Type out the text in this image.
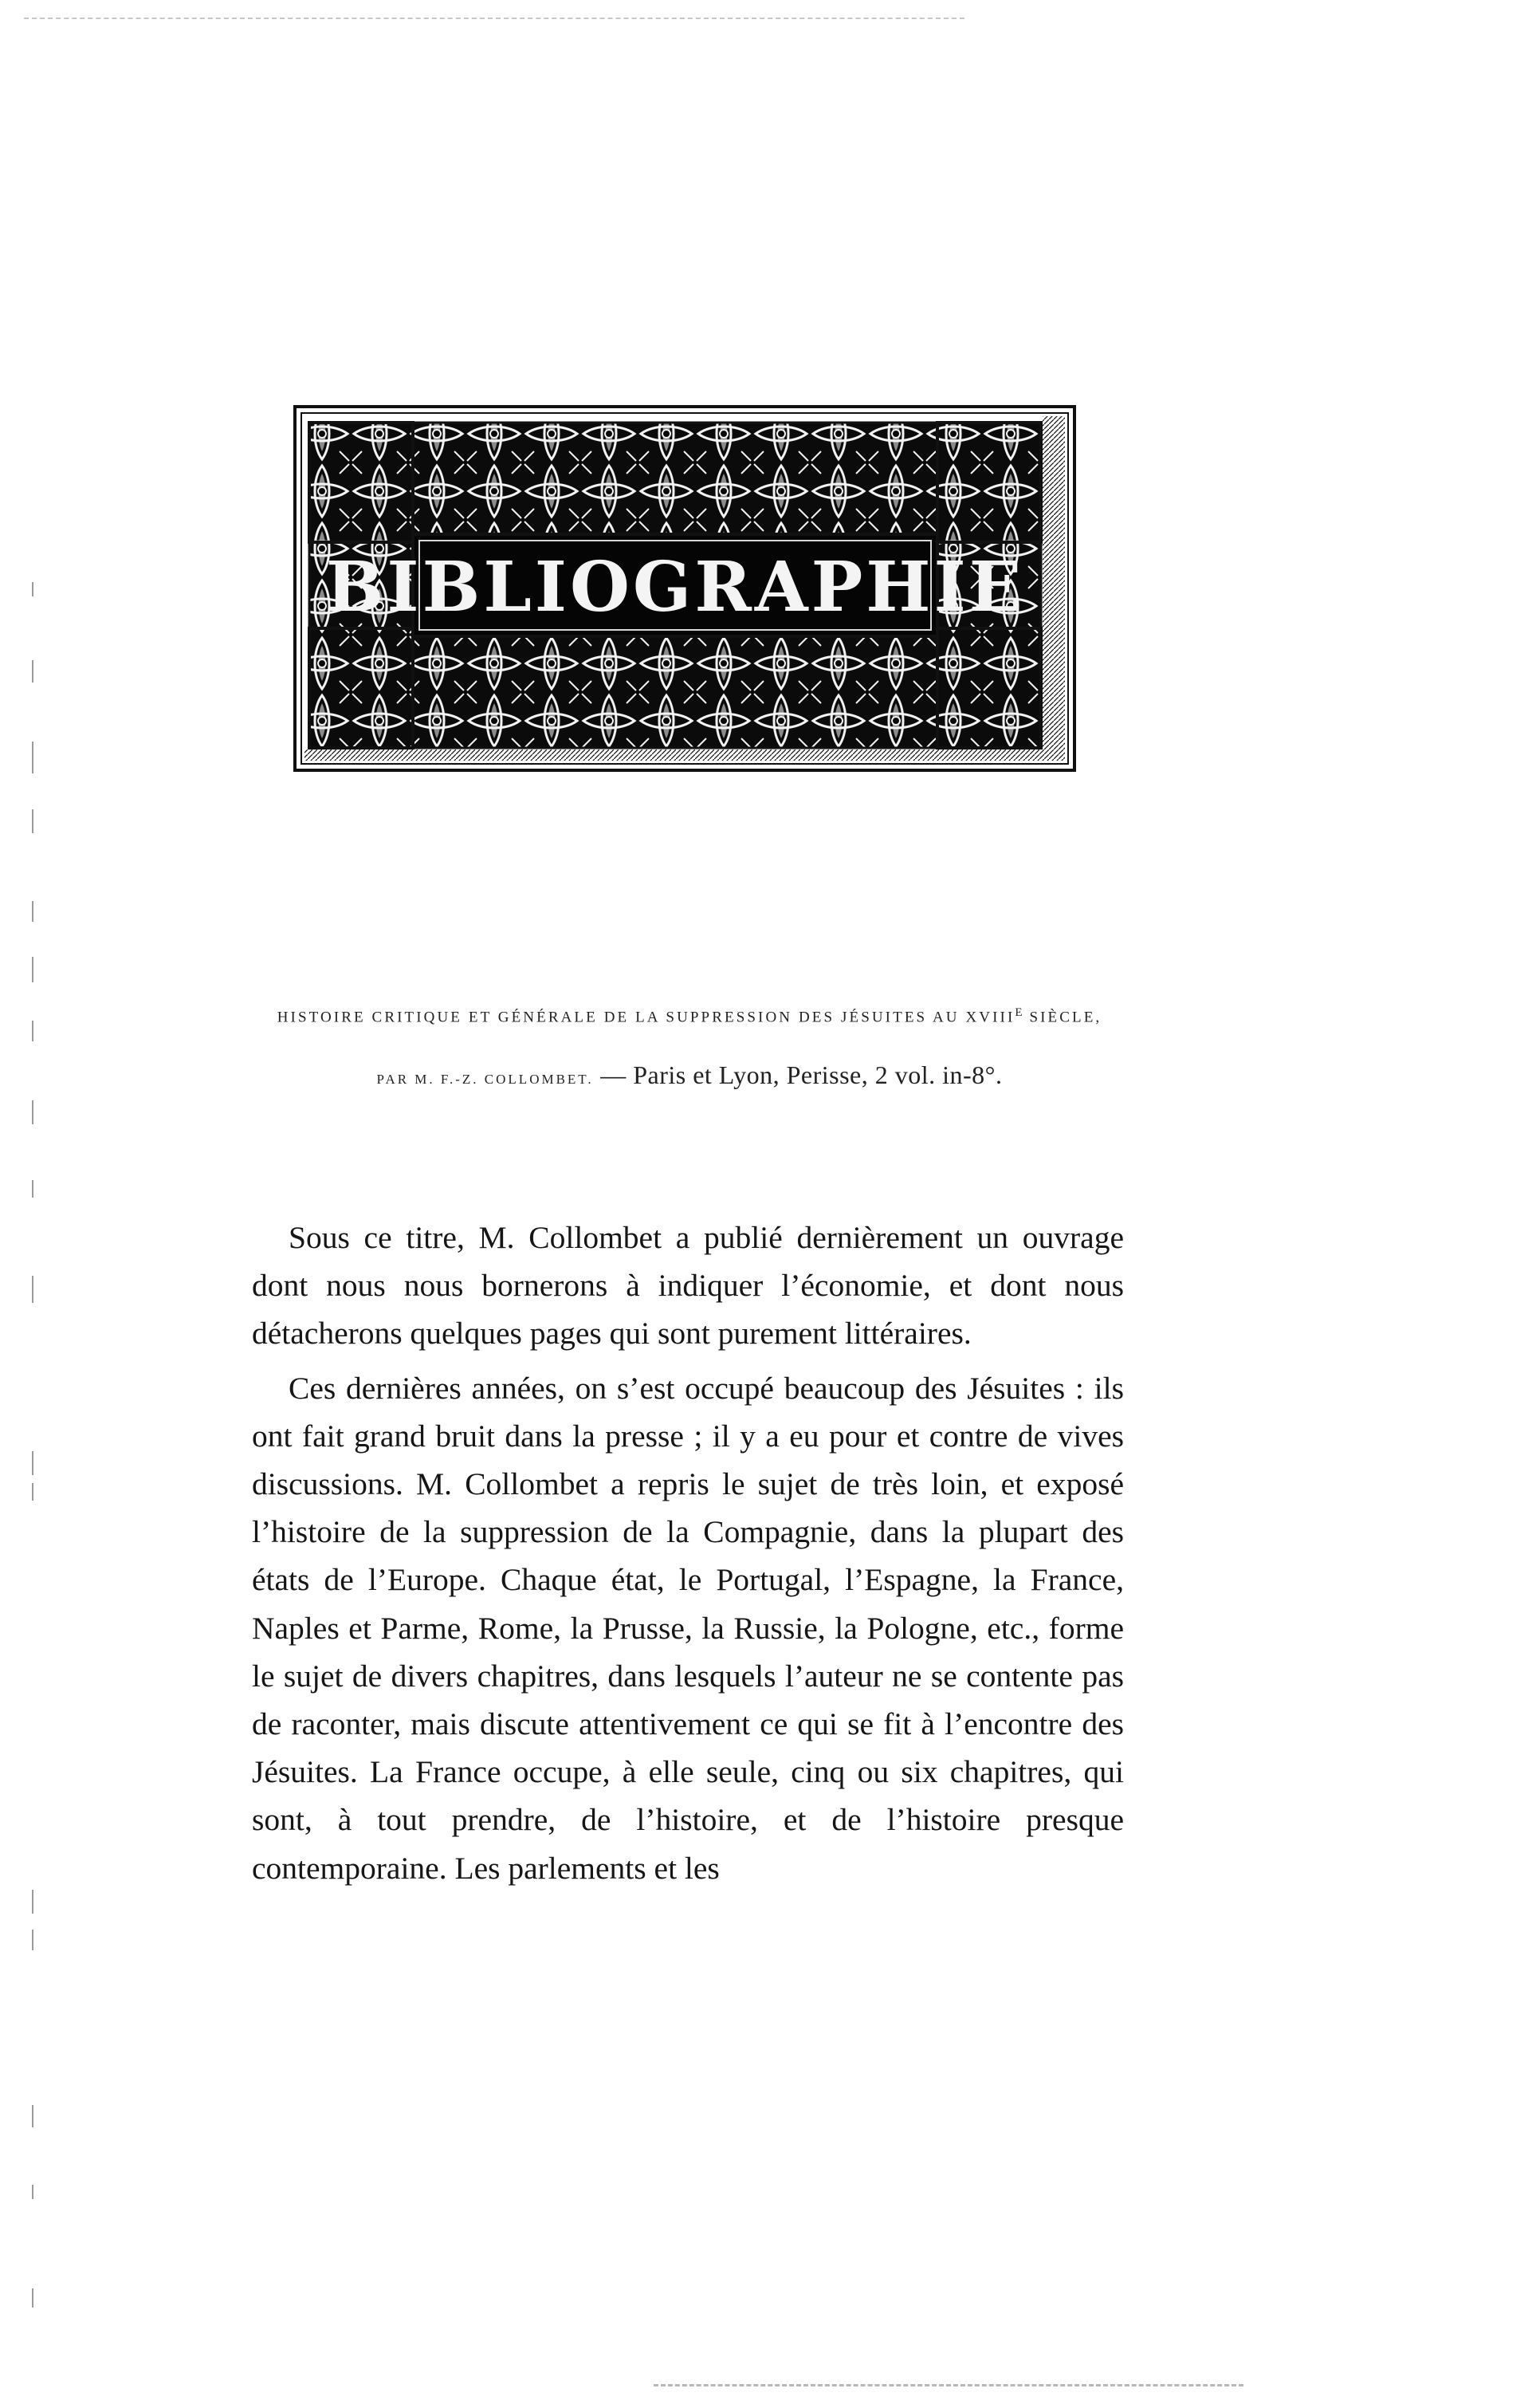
BIBLIOGRAPHIE
HISTOIRE CRITIQUE ET GÉNÉRALE DE LA SUPPRESSION DES JÉSUITES AU $XVIII^E$ SIÈCLE,
PAR M. F.-Z. COLLOMBET. — Paris et Lyon, Perisse, 2 vol. in-8°.

Sous ce titre, M. Collombet a publié dernièrement un ouvrage dont nous nous bornerons à indiquer l’économie, et dont nous détacherons quelques pages qui sont purement littéraires.

Ces dernières années, on s’est occupé beaucoup des Jésuites : ils ont fait grand bruit dans la presse ; il y a eu pour et contre de vives discussions. M. Collombet a repris le sujet de très loin, et exposé l’histoire de la suppression de la Compagnie, dans la plupart des états de l’Europe. Chaque état, le Portugal, l’Espagne, la France, Naples et Parme, Rome, la Prusse, la Russie, la Pologne, etc., forme le sujet de divers chapitres, dans lesquels l’auteur ne se contente pas de raconter, mais discute attentivement ce qui se fit à l’encontre des Jésuites. La France occupe, à elle seule, cinq ou six chapitres, qui sont, à tout prendre, de l’histoire, et de l’histoire presque contemporaine. Les parlements et les
